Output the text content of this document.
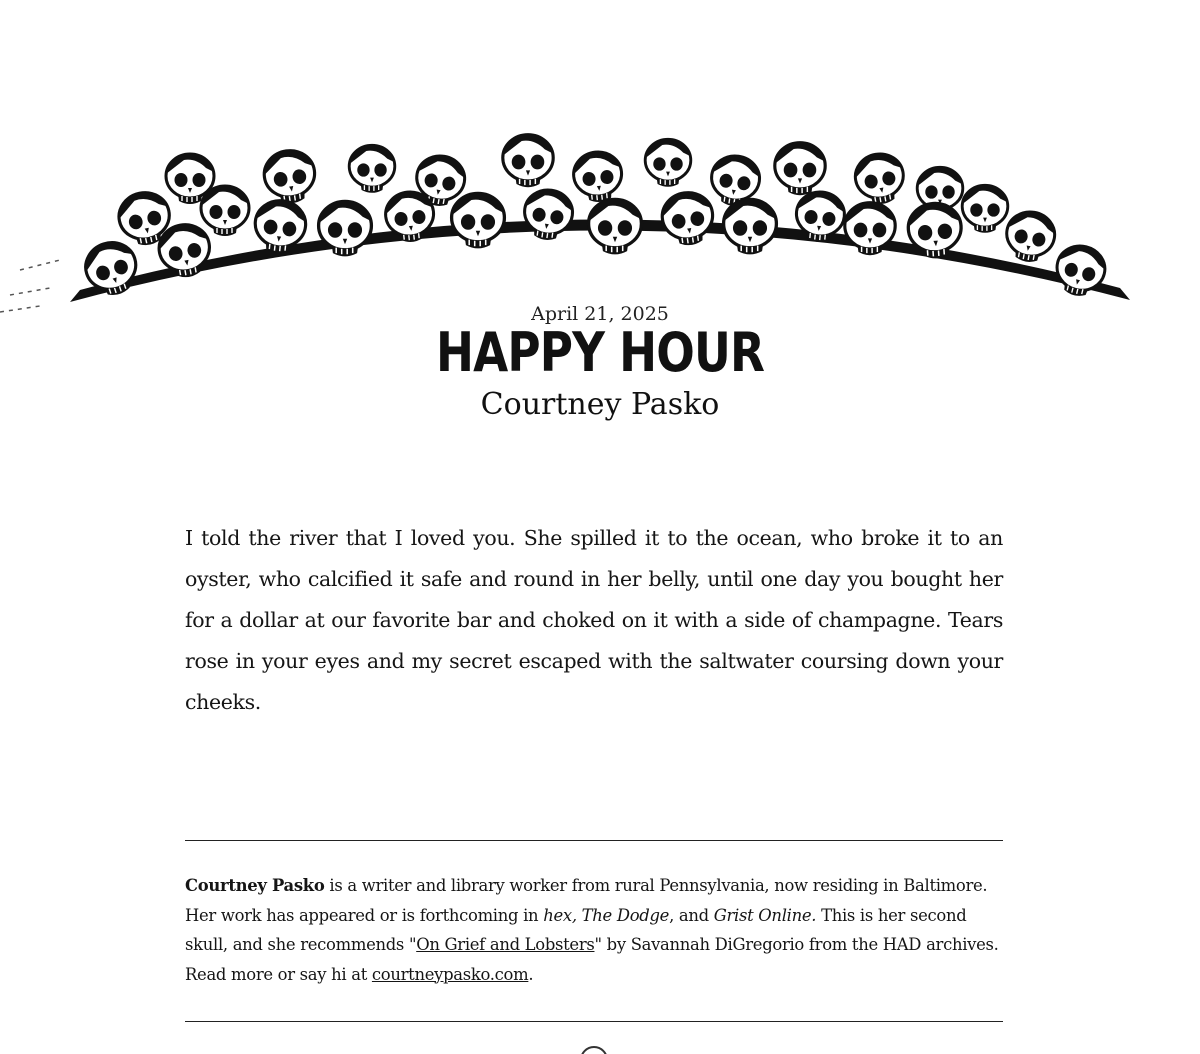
April 21, 2025

HAPPY HOUR

Courtney Pasko

I told the river that I loved you. She spilled it to the ocean, who broke it to an oyster, who calcified it safe and round in her belly, until one day you bought her for a dollar at our favorite bar and choked on it with a side of champagne. Tears rose in your eyes and my secret escaped with the saltwater coursing down your cheeks.

Courtney Pasko is a writer and library worker from rural Pennsylvania, now residing in Baltimore. Her work has appeared or is forthcoming in hex, The Dodge, and Grist Online. This is her second skull, and she recommends "On Grief and Lobsters" by Savannah DiGregorio from the HAD archives. Read more or say hi at courtneypasko.com.
